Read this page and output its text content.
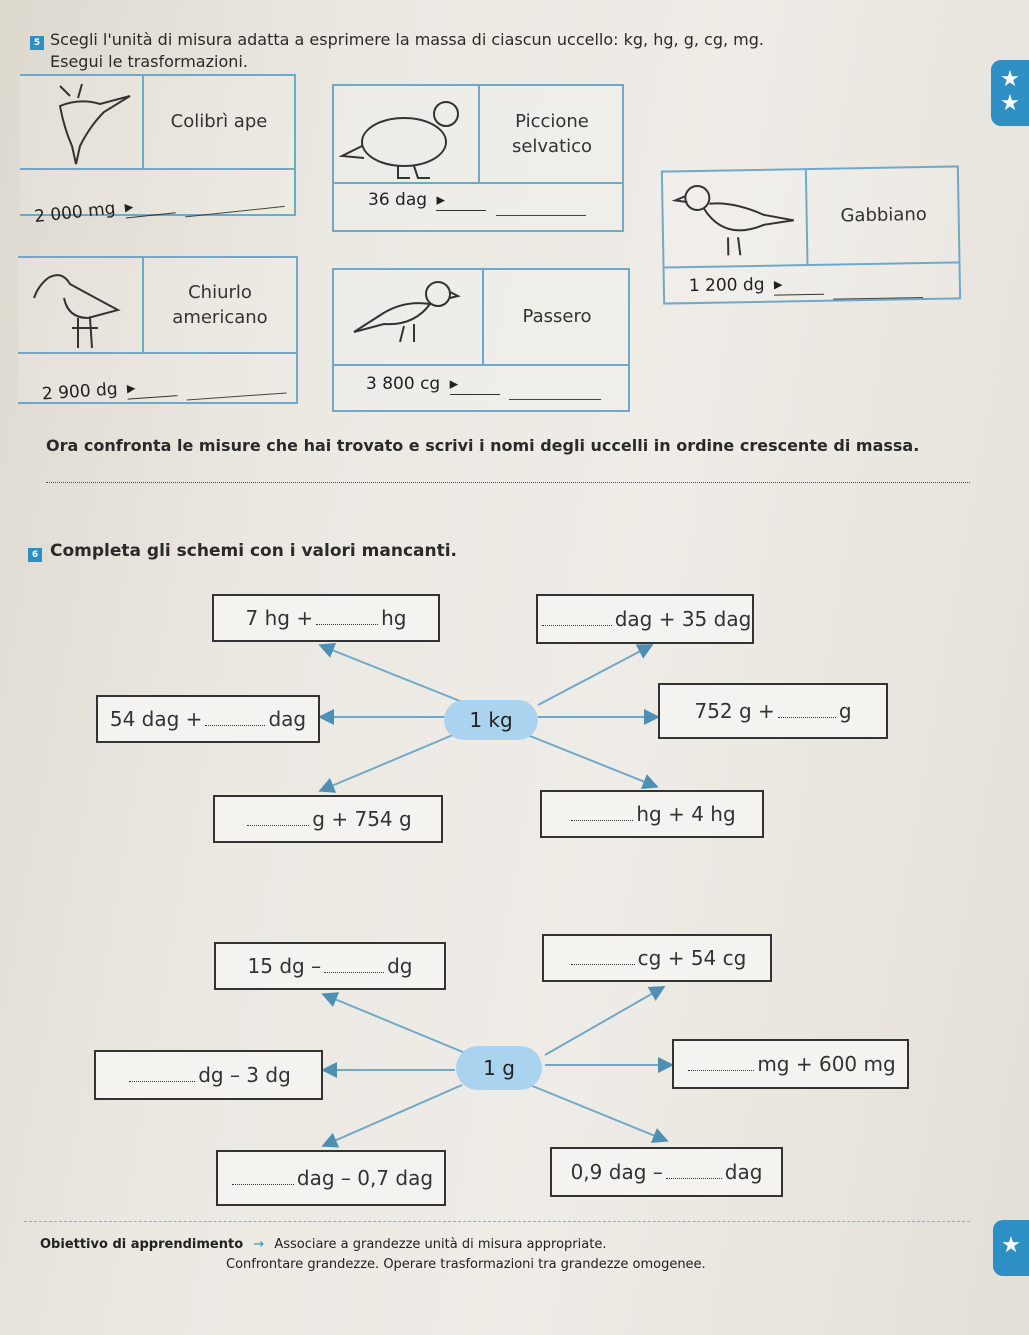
5 Scegli l'unità di misura adatta a esprimere la massa di ciascun uccello: kg, hg, g, cg, mg.
Esegui le trasformazioni.
★
★
Colibrì ape
2 000 mg ▸
Piccione
selvatico
36 dag ▸
Gabbiano
1 200 dg ▸
Chiurlo
americano
2 900 dg ▸
Passero
3 800 cg ▸
Ora confronta le misure che hai trovato e scrivi i nomi degli uccelli in ordine crescente di massa.
6 Completa gli schemi con i valori mancanti.
1 kg
7 hg +	hg	dag + 35 dag
54 dag +	dag	752 g +	g
g + 754 g	hg + 4 hg
1 g
15 dg –	dg	cg + 54 cg
dg – 3 dg	mg + 600 mg
dag – 0,7 dag	0,9 dag –	dag
★
Obiettivo di apprendimento → Associare a grandezze unità di misura appropriate.
Confrontare grandezze. Operare trasformazioni tra grandezze omogenee.
